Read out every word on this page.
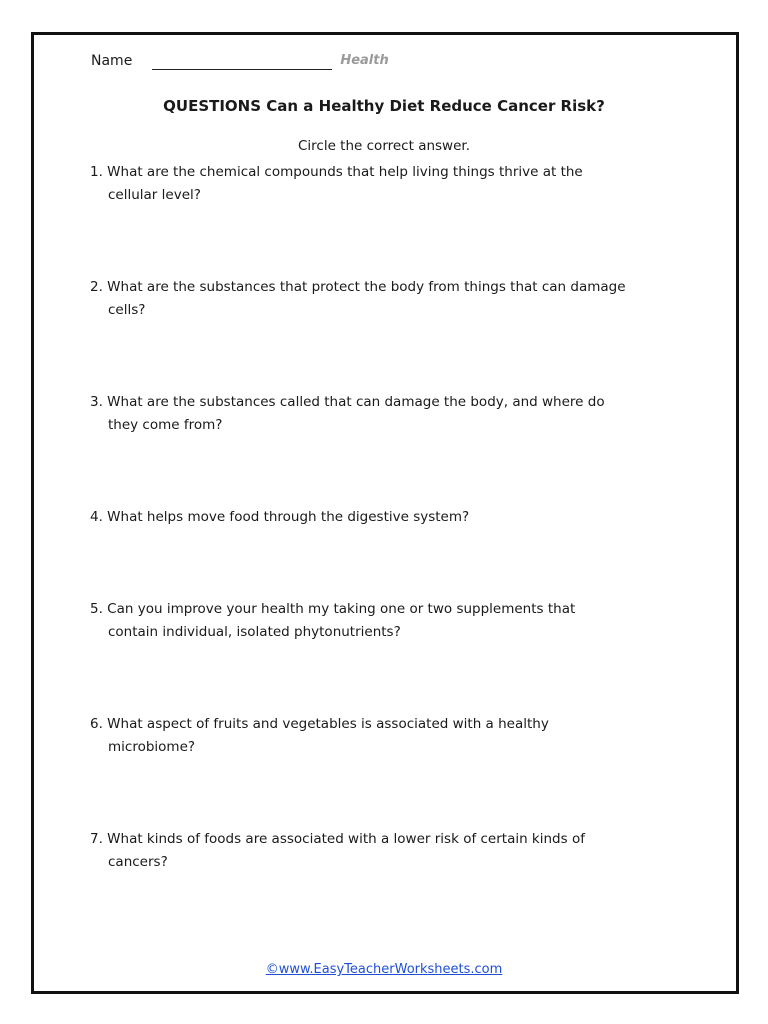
Name	Health
QUESTIONS Can a Healthy Diet Reduce Cancer Risk?
Circle the correct answer.
1. What are the chemical compounds that help living things thrive at the
cellular level?
2. What are the substances that protect the body from things that can damage
cells?
3. What are the substances called that can damage the body, and where do
they come from?
4. What helps move food through the digestive system?
5. Can you improve your health my taking one or two supplements that
contain individual, isolated phytonutrients?
6. What aspect of fruits and vegetables is associated with a healthy
microbiome?
7. What kinds of foods are associated with a lower risk of certain kinds of
cancers?
©www.EasyTeacherWorksheets.com
